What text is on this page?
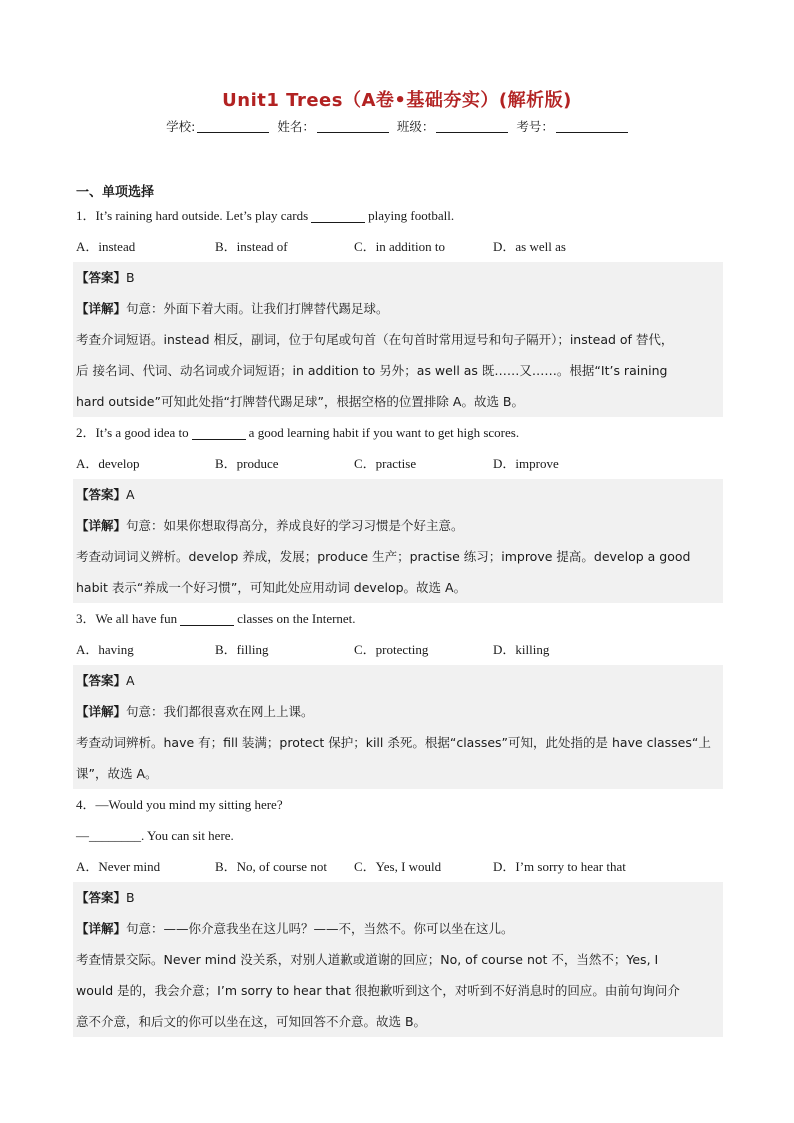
Unit1 Trees（A卷•基础夯实）(解析版)
学校:	姓名：	班级：	考号：
一、单项选择
1．It’s raining hard outside. Let’s play cards	playing football.
A．instead	B．instead of	C．in addition to	D．as well as
【答案】B
【详解】句意：外面下着大雨。让我们打牌替代踢足球。
考查介词短语。instead 相反，副词，位于句尾或句首（在句首时常用逗号和句子隔开）；instead of 替代，
后 接名词、代词、动名词或介词短语；in addition to 另外；as well as 既……又……。根据“It’s raining
hard outside”可知此处指“打牌替代踢足球”，根据空格的位置排除 A。故选 B。
2．It’s a good idea to	a good learning habit if you want to get high scores.
A．develop	B．produce	C．practise	D．improve
【答案】A
【详解】句意：如果你想取得高分，养成良好的学习习惯是个好主意。
考查动词词义辨析。develop 养成，发展；produce 生产；practise 练习；improve 提高。develop a good
habit 表示“养成一个好习惯”，可知此处应用动词 develop。故选 A。
3．We all have fun	classes on the Internet.
A．having	B．filling	C．protecting	D．killing
【答案】A
【详解】句意：我们都很喜欢在网上上课。
考查动词辨析。have 有；fill 装满；protect 保护；kill 杀死。根据“classes”可知，此处指的是 have classes“上
课”，故选 A。
4．—Would you mind my sitting here?
—________. You can sit here.
A．Never mind	B．No, of course not	C．Yes, I would	D．I’m sorry to hear that
【答案】B
【详解】句意：——你介意我坐在这儿吗？——不，当然不。你可以坐在这儿。
考查情景交际。Never mind 没关系，对别人道歉或道谢的回应；No, of course not 不，当然不；Yes, I
would 是的，我会介意；I’m sorry to hear that 很抱歉听到这个，对听到不好消息时的回应。由前句询问介
意不介意，和后文的你可以坐在这，可知回答不介意。故选 B。
